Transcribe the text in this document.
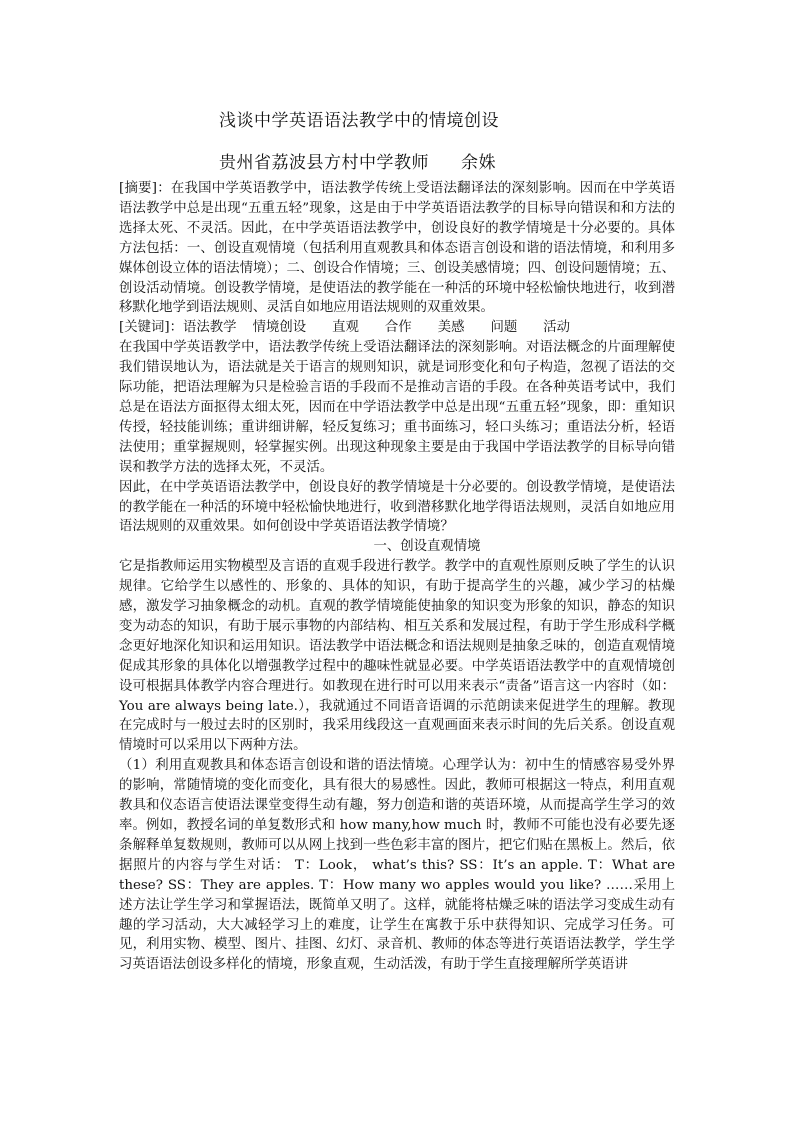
浅谈中学英语语法教学中的情境创设
贵州省荔波县方村中学教师 余姝

[摘要]：在我国中学英语教学中，语法教学传统上受语法翻译法的深刻影响。因而在中学英语语法教学中总是出现“五重五轻”现象，这是由于中学英语语法教学的目标导向错误和和方法的选择太死、不灵活。因此，在中学英语语法教学中，创设良好的教学情境是十分必要的。具体方法包括：一、创设直观情境（包括利用直观教具和体态语言创设和谐的语法情境，和利用多媒体创设立体的语法情境）；二、创设合作情境；三、创设美感情境；四、创设问题情境；五、创设活动情境。创设教学情境，是使语法的教学能在一种活的环境中轻松愉快地进行，收到潜移默化地学到语法规则、灵活自如地应用语法规则的双重效果。

[关键词]：语法教学 情境创设 直观 合作 美感 问题 活动

在我国中学英语教学中，语法教学传统上受语法翻译法的深刻影响。对语法概念的片面理解使我们错误地认为，语法就是关于语言的规则知识，就是词形变化和句子构造，忽视了语法的交际功能，把语法理解为只是检验言语的手段而不是推动言语的手段。在各种英语考试中，我们总是在语法方面抠得太细太死，因而在中学语法教学中总是出现“五重五轻”现象，即：重知识传授，轻技能训练；重讲细讲解，轻反复练习；重书面练习，轻口头练习；重语法分析，轻语法使用；重掌握规则，轻掌握实例。出现这种现象主要是由于我国中学语法教学的目标导向错误和教学方法的选择太死，不灵活。

因此，在中学英语语法教学中，创设良好的教学情境是十分必要的。创设教学情境，是使语法的教学能在一种活的环境中轻松愉快地进行，收到潜移默化地学得语法规则，灵活自如地应用语法规则的双重效果。如何创设中学英语语法教学情境？

一、创设直观情境

它是指教师运用实物模型及言语的直观手段进行教学。教学中的直观性原则反映了学生的认识规律。它给学生以感性的、形象的、具体的知识，有助于提高学生的兴趣，减少学习的枯燥感，激发学习抽象概念的动机。直观的教学情境能使抽象的知识变为形象的知识，静态的知识变为动态的知识，有助于展示事物的内部结构、相互关系和发展过程，有助于学生形成科学概念更好地深化知识和运用知识。语法教学中语法概念和语法规则是抽象乏味的，创造直观情境促成其形象的具体化以增强教学过程中的趣味性就显必要。中学英语语法教学中的直观情境创设可根据具体教学内容合理进行。如教现在进行时可以用来表示“责备”语言这一内容时（如：You are always being late.），我就通过不同语音语调的示范朗读来促进学生的理解。教现在完成时与一般过去时的区别时，我采用线段这一直观画面来表示时间的先后关系。创设直观情境时可以采用以下两种方法。

（1）利用直观教具和体态语言创设和谐的语法情境。心理学认为：初中生的情感容易受外界的影响，常随情境的变化而变化，具有很大的易感性。因此，教师可根据这一特点，利用直观教具和仪态语言使语法课堂变得生动有趣，努力创造和谐的英语环境，从而提高学生学习的效率。例如，教授名词的单复数形式和 how many,how much 时，教师不可能也没有必要先逐条解释单复数规则，教师可以从网上找到一些色彩丰富的图片，把它们贴在黑板上。然后，依据照片的内容与学生对话： T：Look， what’s this? SS：It’s an apple. T：What are these? SS：They are apples. T：How many wo apples would you like? ……采用上述方法让学生学习和掌握语法，既简单又明了。这样，就能将枯燥乏味的语法学习变成生动有趣的学习活动，大大减轻学习上的难度，让学生在寓教于乐中获得知识、完成学习任务。可见，利用实物、模型、图片、挂图、幻灯、录音机、教师的体态等进行英语语法教学，学生学习英语语法创设多样化的情境，形象直观，生动活泼，有助于学生直接理解所学英语讲
